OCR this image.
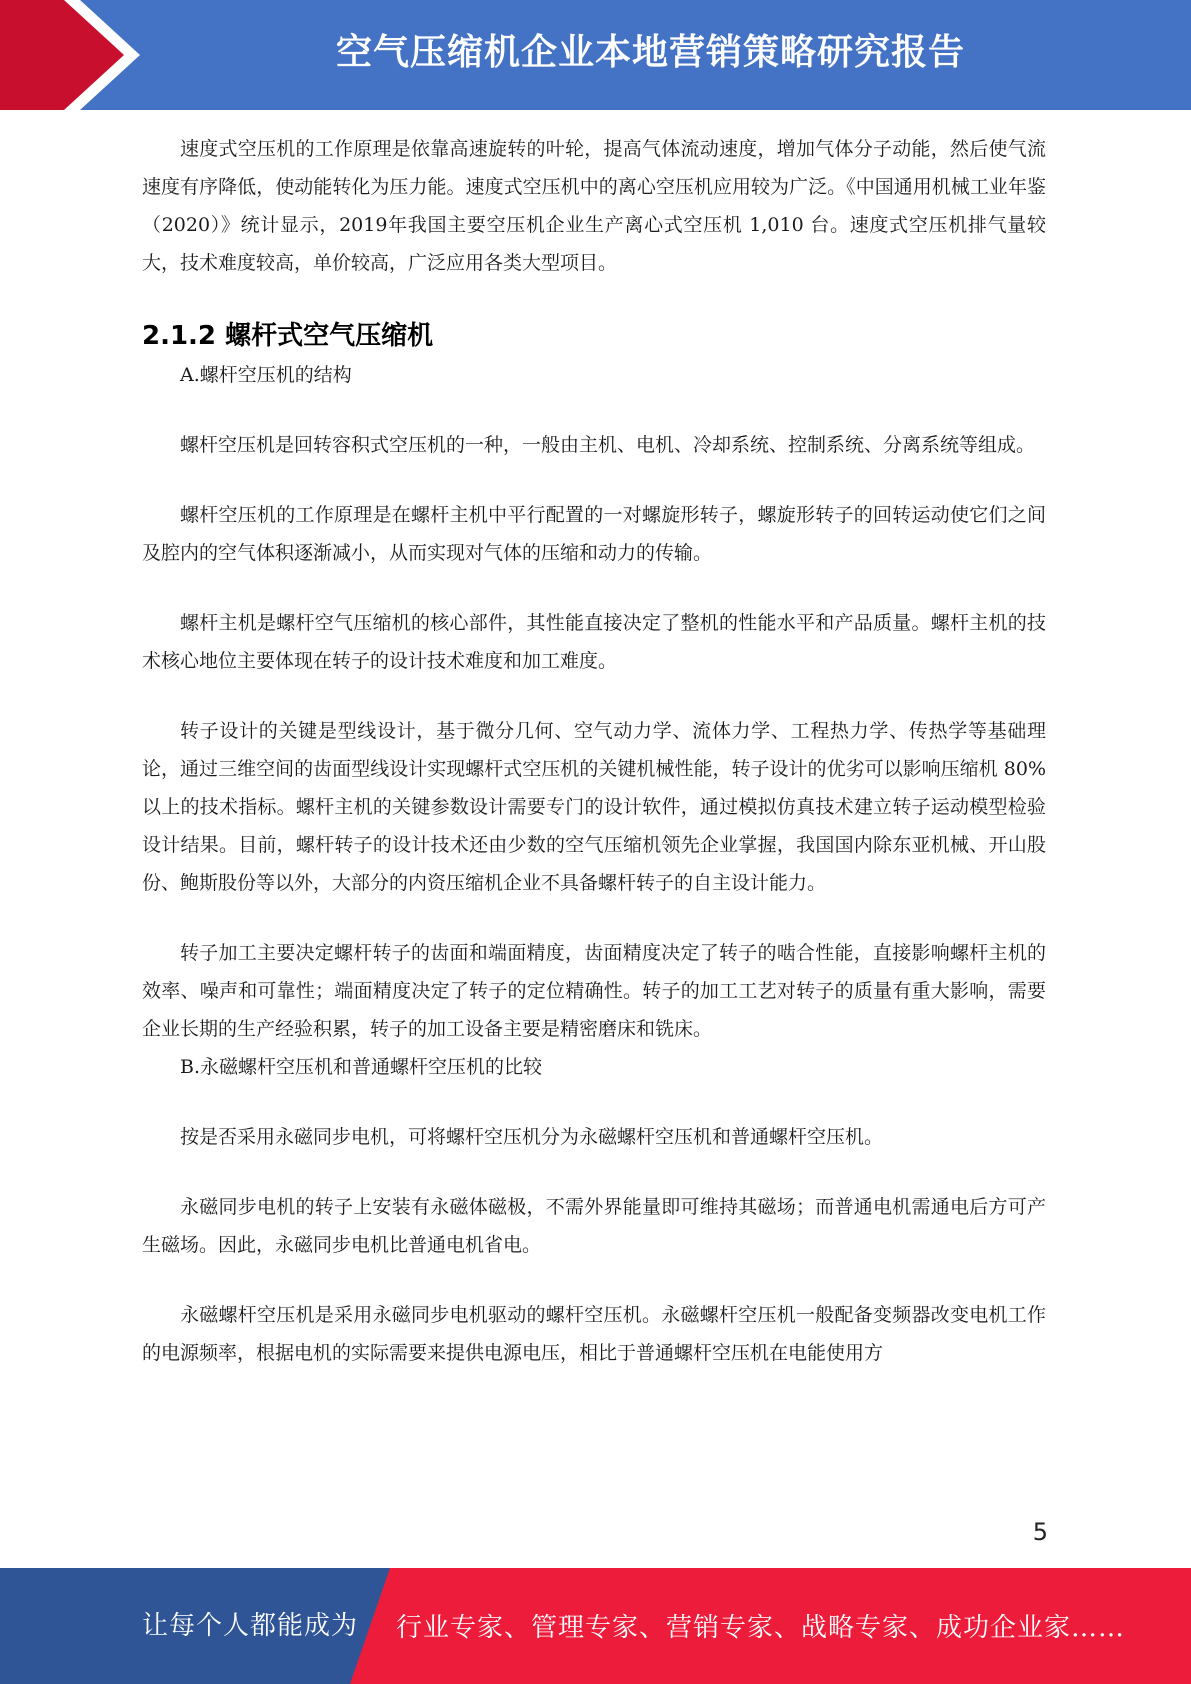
空气压缩机企业本地营销策略研究报告

速度式空压机的工作原理是依靠高速旋转的叶轮，提高气体流动速度，增加气体分子动能，然后使气流速度有序降低，使动能转化为压力能。速度式空压机中的离心空压机应用较为广泛。《中国通用机械工业年鉴（2020）》统计显示，2019年我国主要空压机企业生产离心式空压机 1,010 台。速度式空压机排气量较大，技术难度较高，单价较高，广泛应用各类大型项目。

2.1.2 螺杆式空气压缩机

A.螺杆空压机的结构

螺杆空压机是回转容积式空压机的一种，一般由主机、电机、冷却系统、控制系统、分离系统等组成。

螺杆空压机的工作原理是在螺杆主机中平行配置的一对螺旋形转子，螺旋形转子的回转运动使它们之间及腔内的空气体积逐渐减小，从而实现对气体的压缩和动力的传输。

螺杆主机是螺杆空气压缩机的核心部件，其性能直接决定了整机的性能水平和产品质量。螺杆主机的技术核心地位主要体现在转子的设计技术难度和加工难度。

转子设计的关键是型线设计，基于微分几何、空气动力学、流体力学、工程热力学、传热学等基础理论，通过三维空间的齿面型线设计实现螺杆式空压机的关键机械性能，转子设计的优劣可以影响压缩机 80%以上的技术指标。螺杆主机的关键参数设计需要专门的设计软件，通过模拟仿真技术建立转子运动模型检验设计结果。目前，螺杆转子的设计技术还由少数的空气压缩机领先企业掌握，我国国内除东亚机械、开山股份、鲍斯股份等以外，大部分的内资压缩机企业不具备螺杆转子的自主设计能力。

转子加工主要决定螺杆转子的齿面和端面精度，齿面精度决定了转子的啮合性能，直接影响螺杆主机的效率、噪声和可靠性；端面精度决定了转子的定位精确性。转子的加工工艺对转子的质量有重大影响，需要企业长期的生产经验积累，转子的加工设备主要是精密磨床和铣床。

B.永磁螺杆空压机和普通螺杆空压机的比较

按是否采用永磁同步电机，可将螺杆空压机分为永磁螺杆空压机和普通螺杆空压机。

永磁同步电机的转子上安装有永磁体磁极，不需外界能量即可维持其磁场；而普通电机需通电后方可产生磁场。因此，永磁同步电机比普通电机省电。

永磁螺杆空压机是采用永磁同步电机驱动的螺杆空压机。永磁螺杆空压机一般配备变频器改变电机工作的电源频率，根据电机的实际需要来提供电源电压，相比于普通螺杆空压机在电能使用方

5
让每个人都能成为 行业专家、管理专家、营销专家、战略专家、成功企业家……
